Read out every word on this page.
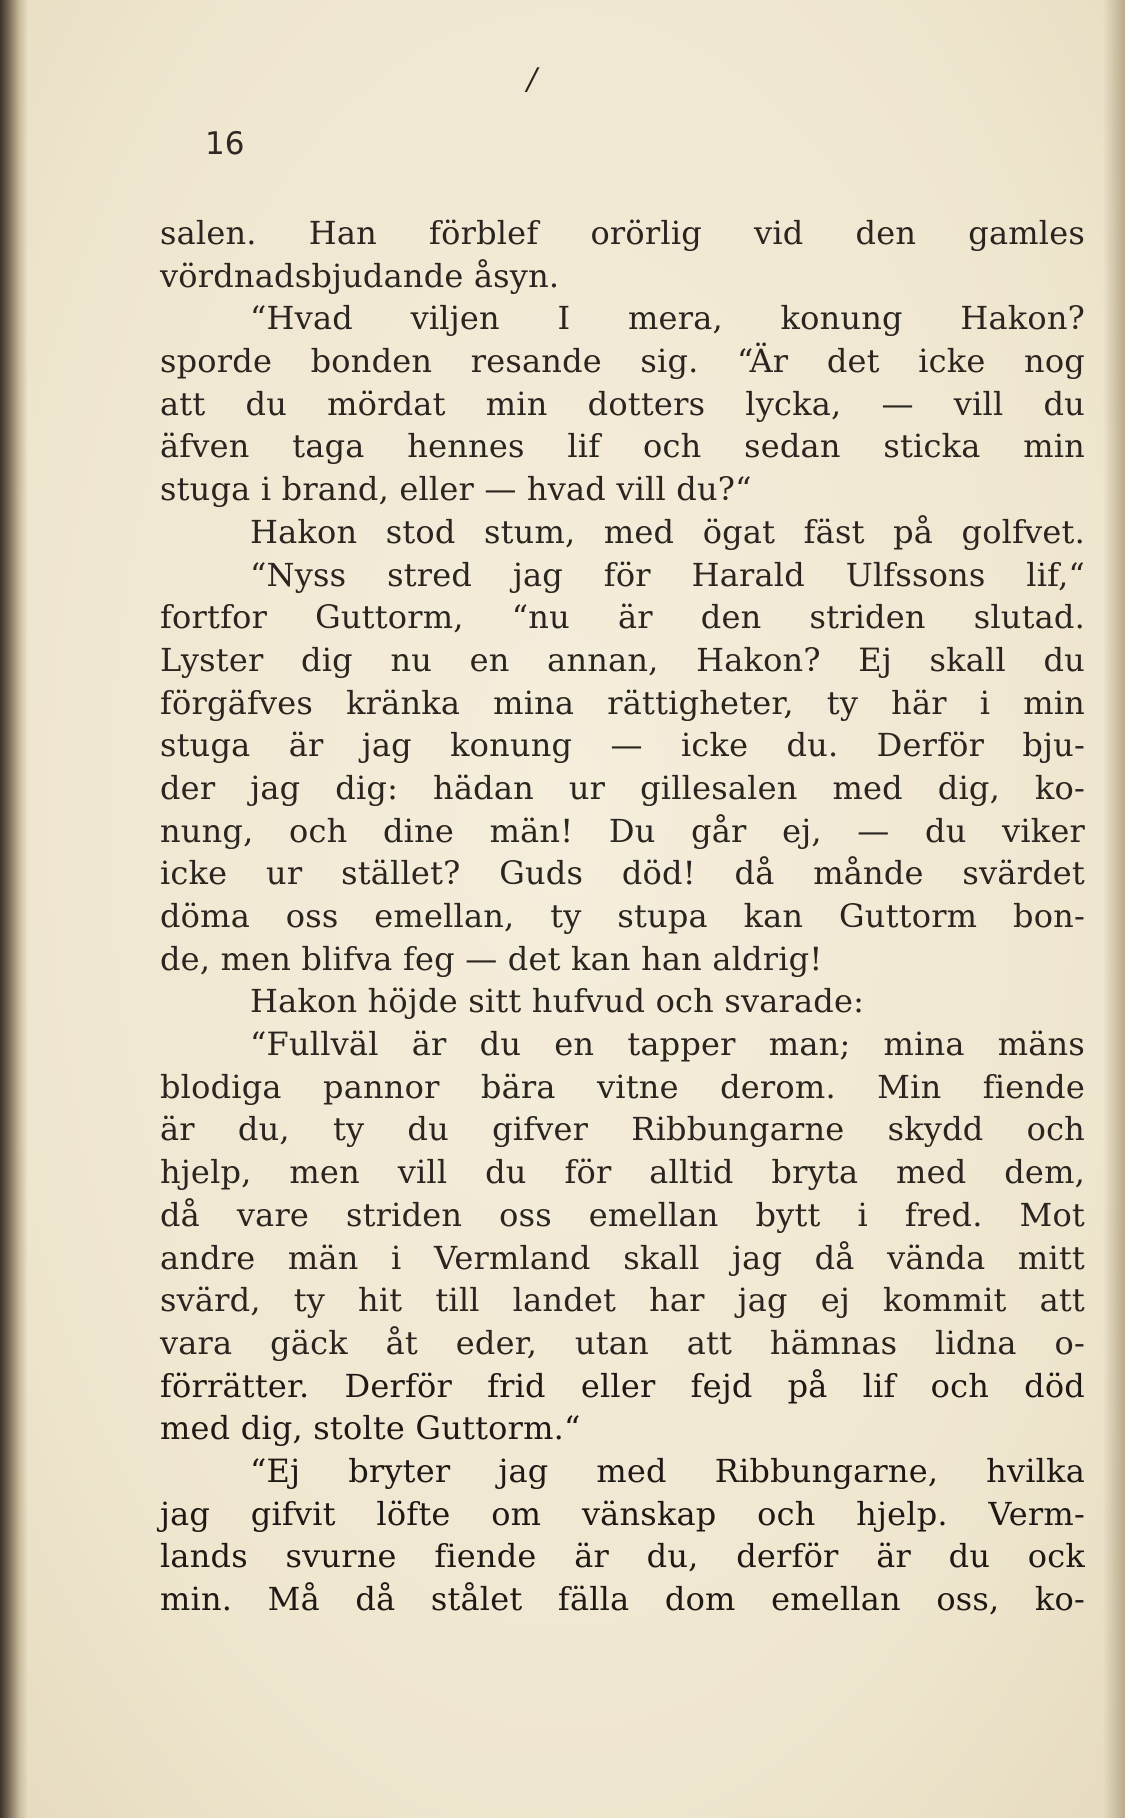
/
16
salen. Han förblef orörlig vid den gamles
vördnadsbjudande åsyn.
“Hvad viljen I mera, konung Hakon?
sporde bonden resande sig. “Är det icke nog
att du mördat min dotters lycka, — vill du
äfven taga hennes lif och sedan sticka min
stuga i brand, eller — hvad vill du?“
Hakon stod stum, med ögat fäst på golfvet.
“Nyss stred jag för Harald Ulfssons lif,“
fortfor Guttorm, “nu är den striden slutad.
Lyster dig nu en annan, Hakon? Ej skall du
förgäfves kränka mina rättigheter, ty här i min
stuga är jag konung — icke du. Derför bju-
der jag dig: hädan ur gillesalen med dig, ko-
nung, och dine män! Du går ej, — du viker
icke ur stället? Guds död! då månde svärdet
döma oss emellan, ty stupa kan Guttorm bon-
de, men blifva feg — det kan han aldrig!
Hakon höjde sitt hufvud och svarade:
“Fullväl är du en tapper man; mina mäns
blodiga pannor bära vitne derom. Min fiende
är du, ty du gifver Ribbungarne skydd och
hjelp, men vill du för alltid bryta med dem,
då vare striden oss emellan bytt i fred. Mot
andre män i Vermland skall jag då vända mitt
svärd, ty hit till landet har jag ej kommit att
vara gäck åt eder, utan att hämnas lidna o-
förrätter. Derför frid eller fejd på lif och död
med dig, stolte Guttorm.“
“Ej bryter jag med Ribbungarne, hvilka
jag gifvit löfte om vänskap och hjelp. Verm-
lands svurne fiende är du, derför är du ock
min. Må då stålet fälla dom emellan oss, ko-
